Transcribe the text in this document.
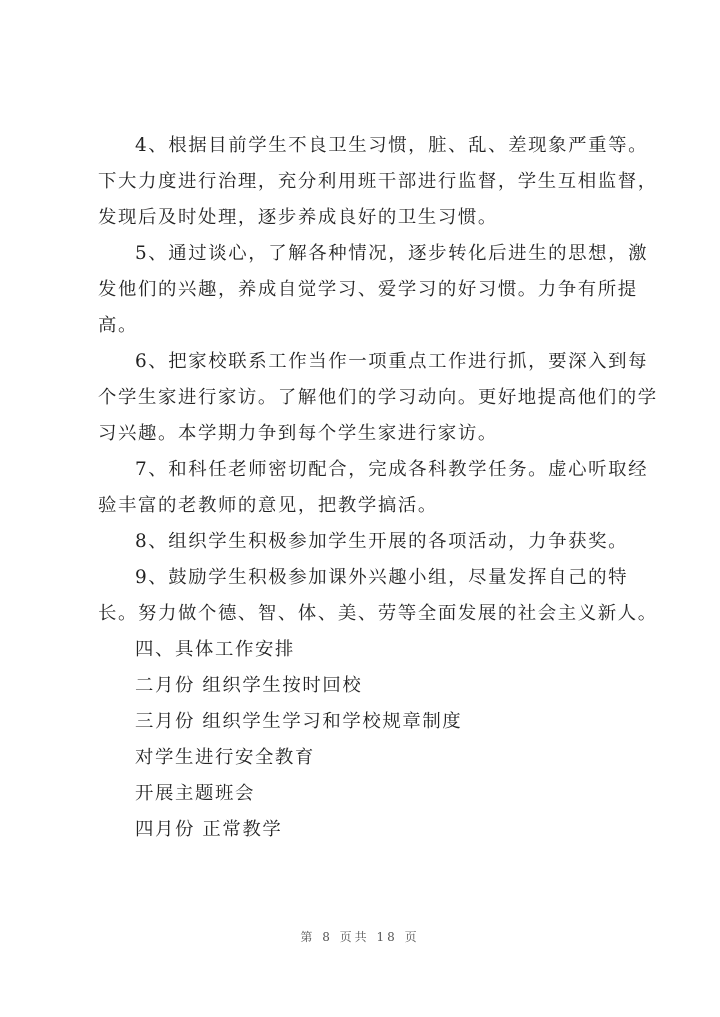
4、根据目前学生不良卫生习惯，脏、乱、差现象严重等。
下大力度进行治理，充分利用班干部进行监督，学生互相监督，
发现后及时处理，逐步养成良好的卫生习惯。

5、通过谈心，了解各种情况，逐步转化后进生的思想，激
发他们的兴趣，养成自觉学习、爱学习的好习惯。力争有所提
高。

6、把家校联系工作当作一项重点工作进行抓，要深入到每
个学生家进行家访。了解他们的学习动向。更好地提高他们的学
习兴趣。本学期力争到每个学生家进行家访。

7、和科任老师密切配合，完成各科教学任务。虚心听取经
验丰富的老教师的意见，把教学搞活。

8、组织学生积极参加学生开展的各项活动，力争获奖。

9、鼓励学生积极参加课外兴趣小组，尽量发挥自己的特
长。努力做个德、智、体、美、劳等全面发展的社会主义新人。

四、具体工作安排

二月份 组织学生按时回校

三月份 组织学生学习和学校规章制度

对学生进行安全教育

开展主题班会

四月份 正常教学

第 8 页共 18 页
